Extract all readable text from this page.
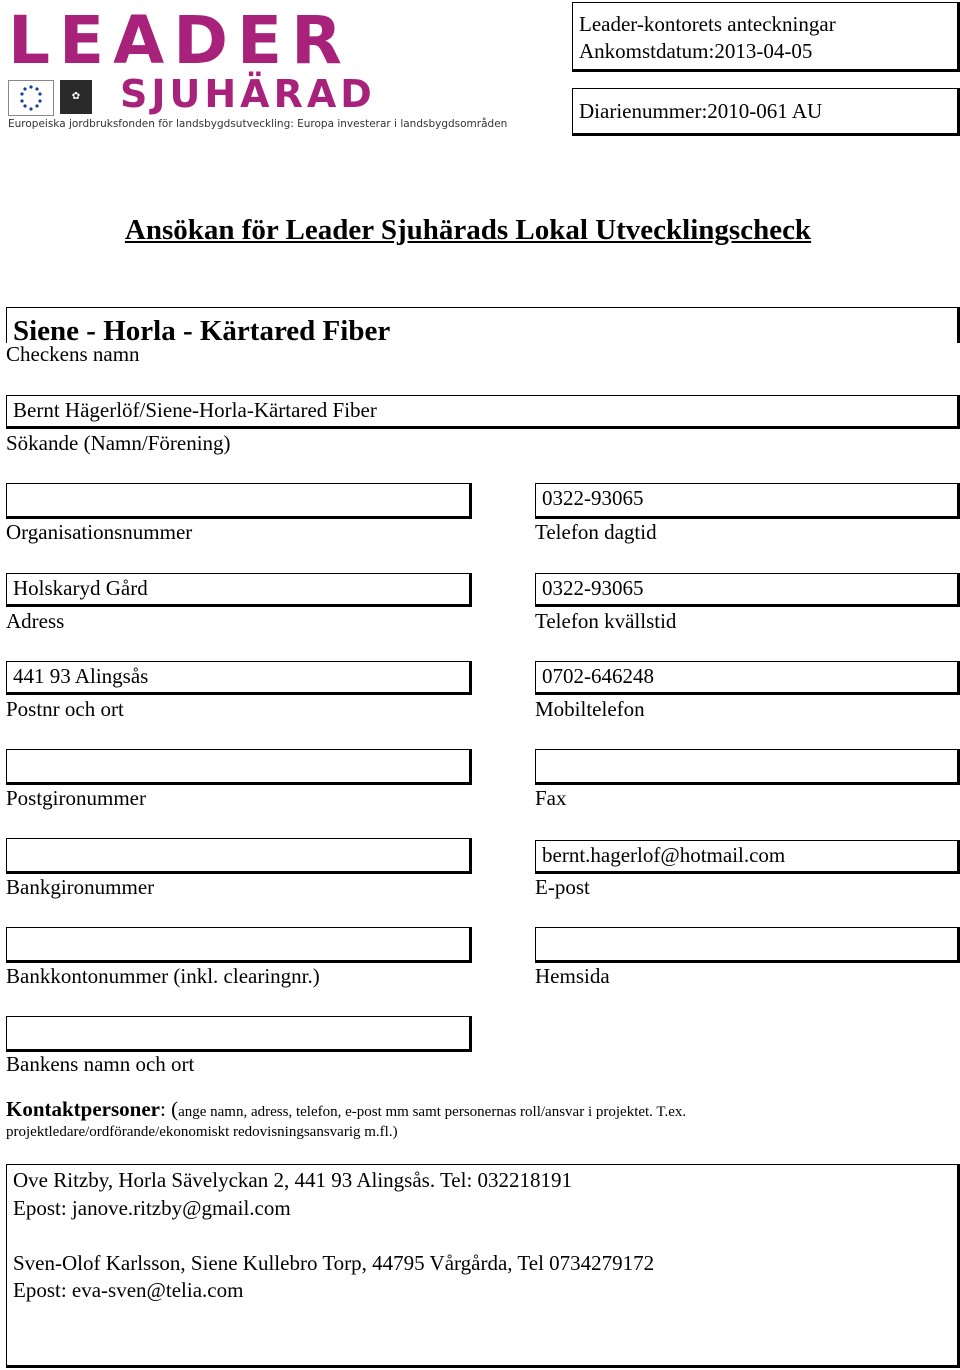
LEADER
✿	SJUHÄRAD
Europeiska jordbruksfonden för landsbygdsutveckling: Europa investerar i landsbygdsområden
Leader-kontorets anteckningar
Ankomstdatum:2013-04-05
Diarienummer:2010-061 AU
Ansökan för Leader Sjuhärads Lokal Utvecklingscheck
Siene - Horla - Kärtared Fiber
Checkens namn
Bernt Hägerlöf/Siene-Horla-Kärtared Fiber
Sökande (Namn/Förening)
Organisationsnummer
Holskaryd Gård
Adress
441 93 Alingsås
Postnr och ort
Postgironummer
Bankgironummer
Bankkontonummer (inkl. clearingnr.)
Bankens namn och ort
0322-93065
Telefon dagtid
0322-93065
Telefon kvällstid
0702-646248
Mobiltelefon
Fax
bernt.hagerlof@hotmail.com
E-post
Hemsida
Kontaktpersoner: (ange namn, adress, telefon, e-post mm samt personernas roll/ansvar i projektet. T.ex.
projektledare/ordförande/ekonomiskt redovisningsansvarig m.fl.)
Ove Ritzby, Horla Sävelyckan 2, 441 93 Alingsås. Tel: 032218191
Epost: janove.ritzby@gmail.com

Sven-Olof Karlsson, Siene Kullebro Torp, 44795 Vårgårda, Tel 0734279172
Epost: eva-sven@telia.com
